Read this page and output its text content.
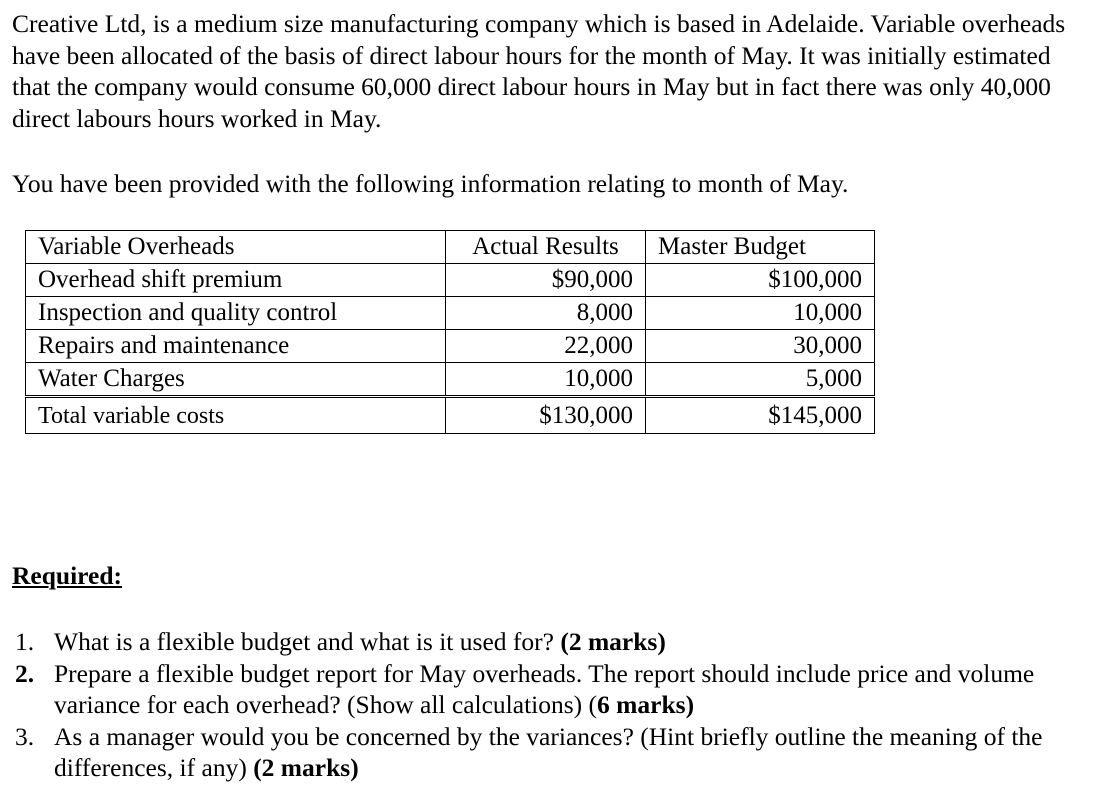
Creative Ltd, is a medium size manufacturing company which is based in Adelaide. Variable overheads have been allocated of the basis of direct labour hours for the month of May. It was initially estimated that the company would consume 60,000 direct labour hours in May but in fact there was only 40,000 direct labours hours worked in May.

You have been provided with the following information relating to month of May.

Variable Overheads	Actual Results	Master Budget
Overhead shift premium	$90,000	$100,000
Inspection and quality control	8,000	10,000
Repairs and maintenance	22,000	30,000
Water Charges	10,000	5,000
Total variable costs	$130,000	$145,000

Required:

1. What is a flexible budget and what is it used for? (2 marks)
2. Prepare a flexible budget report for May overheads. The report should include price and volume variance for each overhead? (Show all calculations) (6 marks)
3. As a manager would you be concerned by the variances? (Hint briefly outline the meaning of the differences, if any) (2 marks)
